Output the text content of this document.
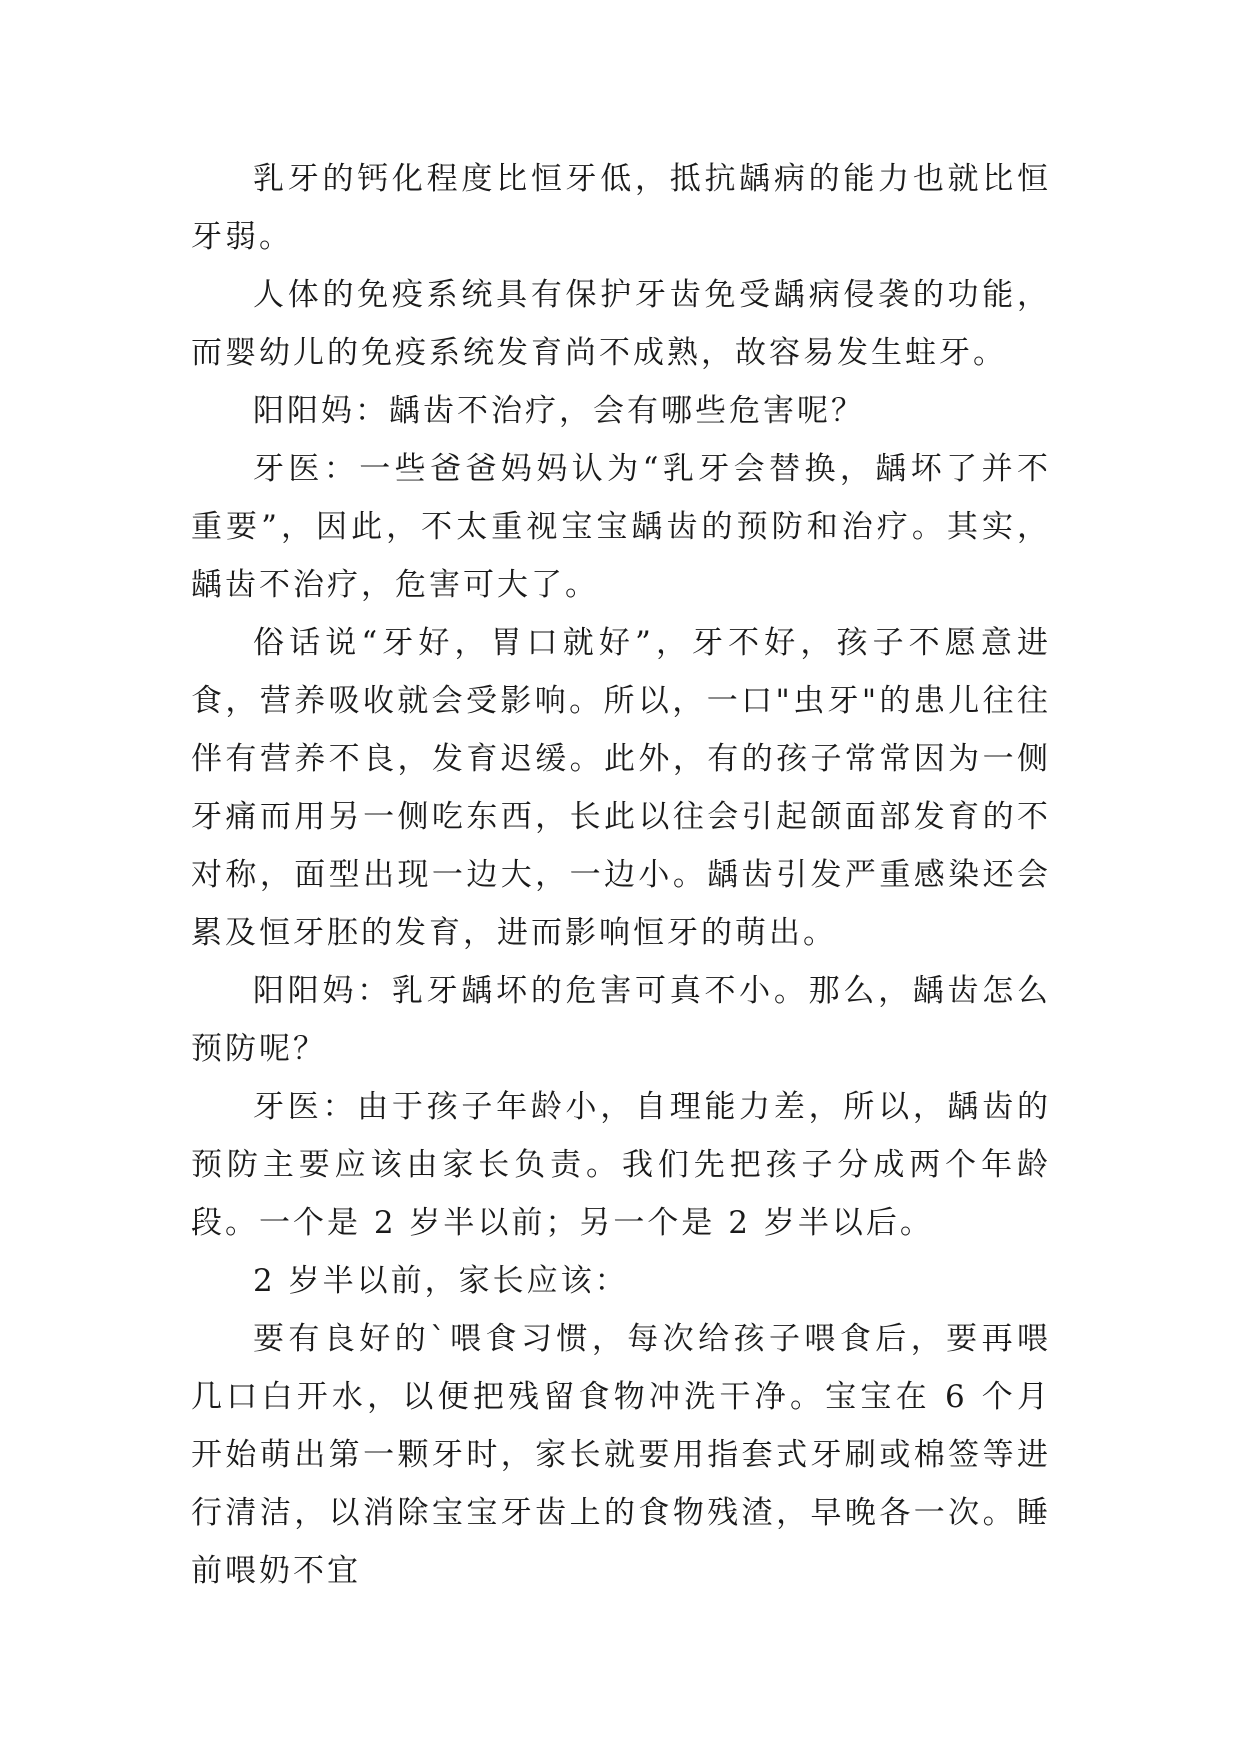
乳牙的钙化程度比恒牙低，抵抗龋病的能力也就比恒牙弱。

人体的免疫系统具有保护牙齿免受龋病侵袭的功能，而婴幼儿的免疫系统发育尚不成熟，故容易发生蛀牙。

阳阳妈：龋齿不治疗，会有哪些危害呢？

牙医：一些爸爸妈妈认为“乳牙会替换，龋坏了并不重要”，因此，不太重视宝宝龋齿的预防和治疗。其实，龋齿不治疗，危害可大了。

俗话说“牙好，胃口就好”，牙不好，孩子不愿意进食，营养吸收就会受影响。所以，一口"虫牙"的患儿往往伴有营养不良，发育迟缓。此外，有的孩子常常因为一侧牙痛而用另一侧吃东西，长此以往会引起颌面部发育的不对称，面型出现一边大，一边小。龋齿引发严重感染还会累及恒牙胚的发育，进而影响恒牙的萌出。

阳阳妈：乳牙龋坏的危害可真不小。那么，龋齿怎么预防呢？

牙医：由于孩子年龄小，自理能力差，所以，龋齿的预防主要应该由家长负责。我们先把孩子分成两个年龄段。一个是 2 岁半以前；另一个是 2 岁半以后。

2 岁半以前，家长应该：

要有良好的`喂食习惯，每次给孩子喂食后，要再喂几口白开水，以便把残留食物冲洗干净。宝宝在 6 个月开始萌出第一颗牙时，家长就要用指套式牙刷或棉签等进行清洁，以消除宝宝牙齿上的食物残渣，早晚各一次。睡前喂奶不宜
